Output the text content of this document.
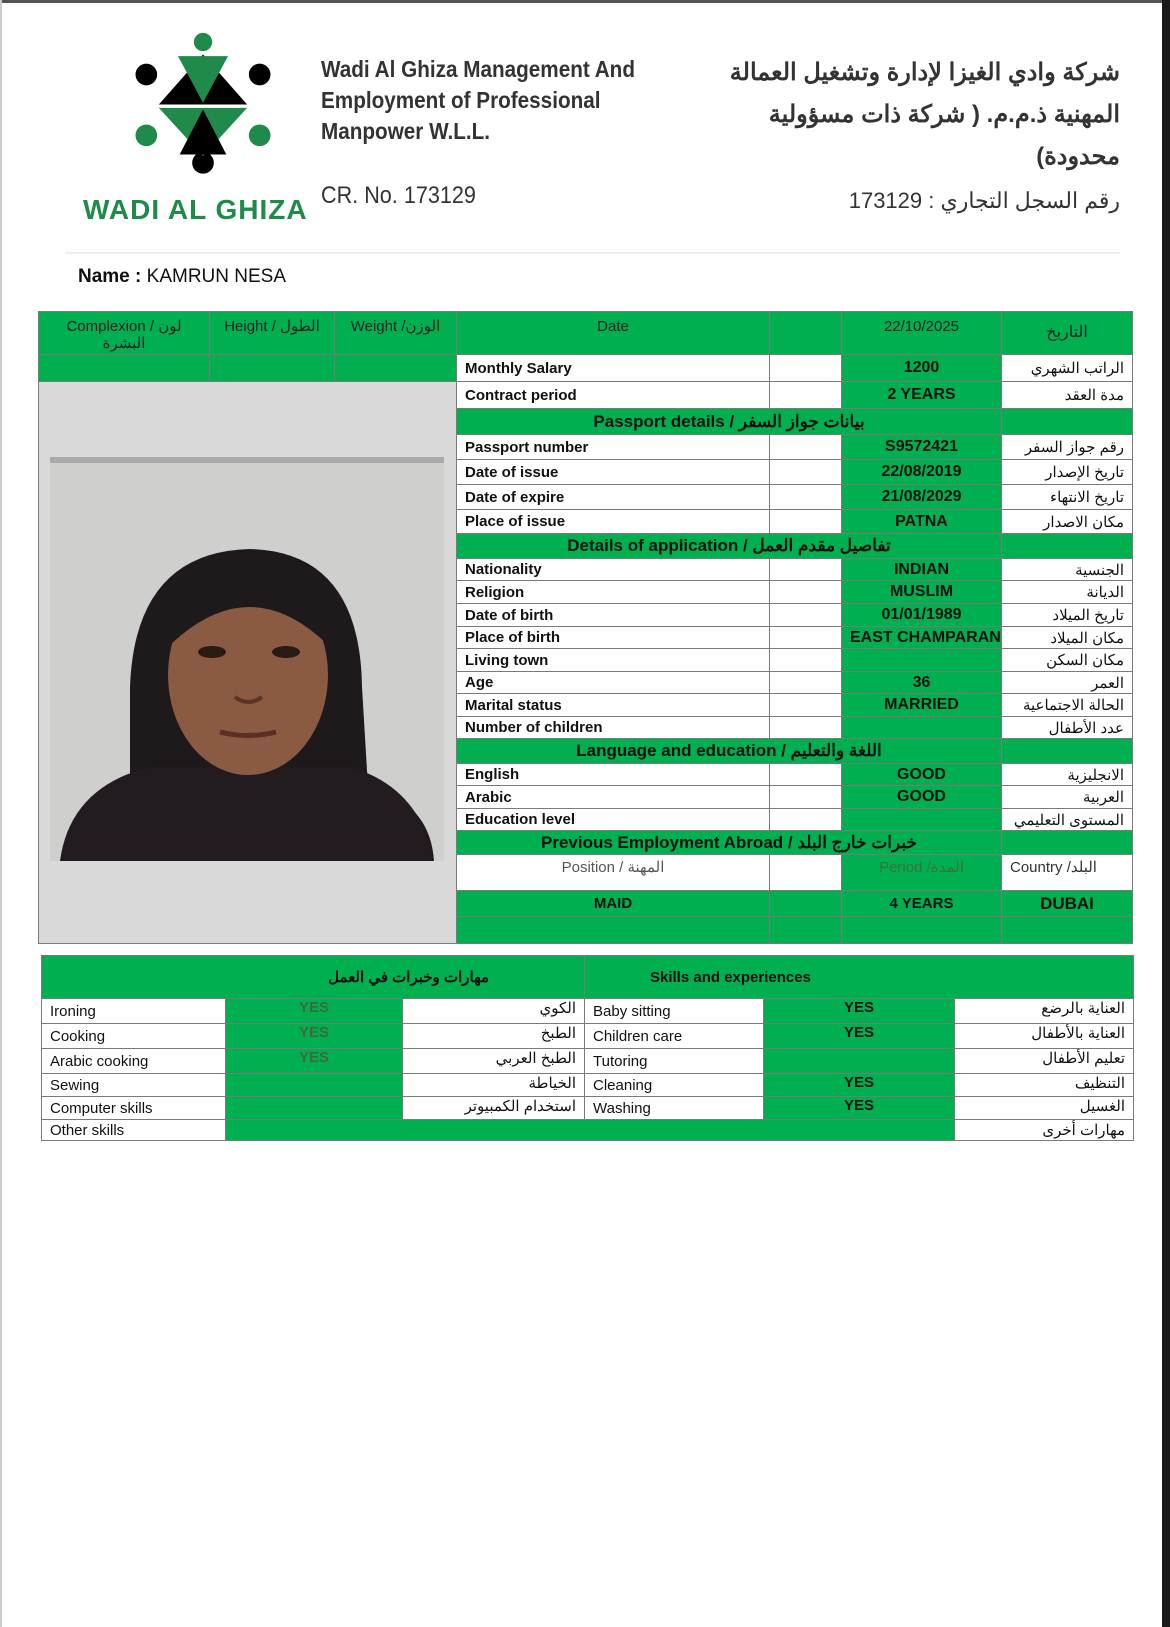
WADI AL GHIZA
Wadi Al Ghiza Management And
Employment of Professional
Manpower W.L.L.
CR. No. 173129
شركة وادي الغيزا لإدارة وتشغيل العمالة
المهنية ذ.م.م. ( شركة ذات مسؤولية
محدودة)
رقم السجل التجاري : 173129
Name : KAMRUN NESA
Complexion / لون البشرة	Height / الطول	Weight /الوزن	Date		22/10/2025	التاريخ
			Monthly Salary		1200	الراتب الشهري

	Contract period		2 YEARS	مدة العقد
			Passport details / بيانات جواز السفر			
			Passport number		S9572421	رقم جواز السفر
			Date of issue		22/08/2019	تاريخ الإصدار
			Date of expire		21/08/2029	تاريخ الانتهاء
			Place of issue		PATNA	مكان الاصدار
			Details of application / تفاصيل مقدم العمل			
			Nationality		INDIAN	الجنسية
			Religion		MUSLIM	الديانة
			Date of birth		01/01/1989	تاريخ الميلاد
			Place of birth		EAST CHAMPARAN	مكان الميلاد
			Living town			مكان السكن
			Age		36	العمر
			Marital status		MARRIED	الحالة الاجتماعية
			Number of children			عدد الأطفال
			Language and education / اللغة والتعليم			
			English		GOOD	الانجليزية
			Arabic		GOOD	العربية
			Education level			المستوى التعليمي
			Previous Employment Abroad / خبرات خارج البلد			
			Position / المهنة		Period /المدة	Country /البلد
			MAID		4 YEARS	DUBAI

مهارات وخبرات في العمل			Skills and experiences		
Ironing	YES	الكوي	Baby sitting	YES	العناية بالرضع
Cooking	YES	الطبخ	Children care	YES	العناية بالأطفال
Arabic cooking	YES	الطبخ العربي	Tutoring		تعليم الأطفال
Sewing		الخياطة	Cleaning	YES	التنظيف
Computer skills		استخدام الكمبيوتر	Washing	YES	الغسيل
Other skills					مهارات أخرى
